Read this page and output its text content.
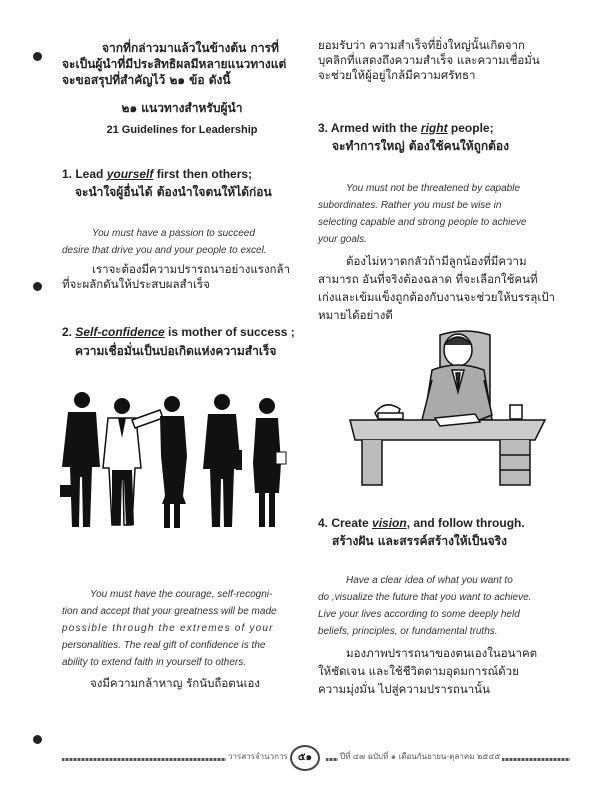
จากที่กล่าวมาแล้วในข้างต้น การที่

จะเป็นผู้นำที่มีประสิทธิผลมีหลายแนวทางแต่

จะขอสรุปที่สำคัญไว้ ๒๑ ข้อ ดังนี้

๒๑ แนวทางสำหรับผู้นำ
21 Guidelines for Leadership
1. Lead yourself first then others;
จะนำใจผู้อื่นได้ ต้องนำใจตนให้ได้ก่อน

You must have a passion to succeed

desire that drive you and your people to excel.

เราจะต้องมีความปรารถนาอย่างแรงกล้า

ที่จะผลักดันให้ประสบผลสำเร็จ

2. Self-confidence is mother of success ;
ความเชื่อมั่นเป็นบ่อเกิดแห่งความสำเร็จ

You must have the courage, self-recogni-

tion and accept that your greatness will be made

possible through the extremes of your

personalities. The real gift of confidence is the

ability to extend faith in yourself to others.

จงมีความกล้าหาญ รักนับถือตนเอง

ยอมรับว่า ความสำเร็จที่ยิ่งใหญ่นั้นเกิดจาก

บุคลิกที่แสดงถึงความสำเร็จ และความเชื่อมั่น

จะช่วยให้ผู้อยู่ใกล้มีความศรัทธา

3. Armed with the right people;
จะทำการใหญ่ ต้องใช้คนให้ถูกต้อง

You must not be threatened by capable

subordinates. Rather you must be wise in

selecting capable and strong people to achieve

your goals.

ต้องไม่หวาดกลัวถ้ามีลูกน้องที่มีความ

สามารถ อันที่จริงต้องฉลาด ที่จะเลือกใช้คนที่

เก่งและเข้มแข็งถูกต้องกับงานจะช่วยให้บรรลุเป้า

หมายได้อย่างดี

4. Create vision, and follow through.
สร้างฝัน และสรรค์สร้างให้เป็นจริง

Have a clear idea of what you want to

do ,visualize the future that you want to achieve.

Live your lives according to some deeply held

beliefs, principles, or fundamental truths.

มองภาพปรารถนาของตนเองในอนาคต

ให้ชัดเจน และใช้ชีวิตตามอุดมการณ์ด้วย

ความมุ่งมั่น ไปสู่ความปรารถนานั้น

วารสารจำนวการ	๕๑	ปีที่ ๔๗ ฉบับที่ ๑ เดือนกันยายน-ตุลาคม ๒๕๔๕
